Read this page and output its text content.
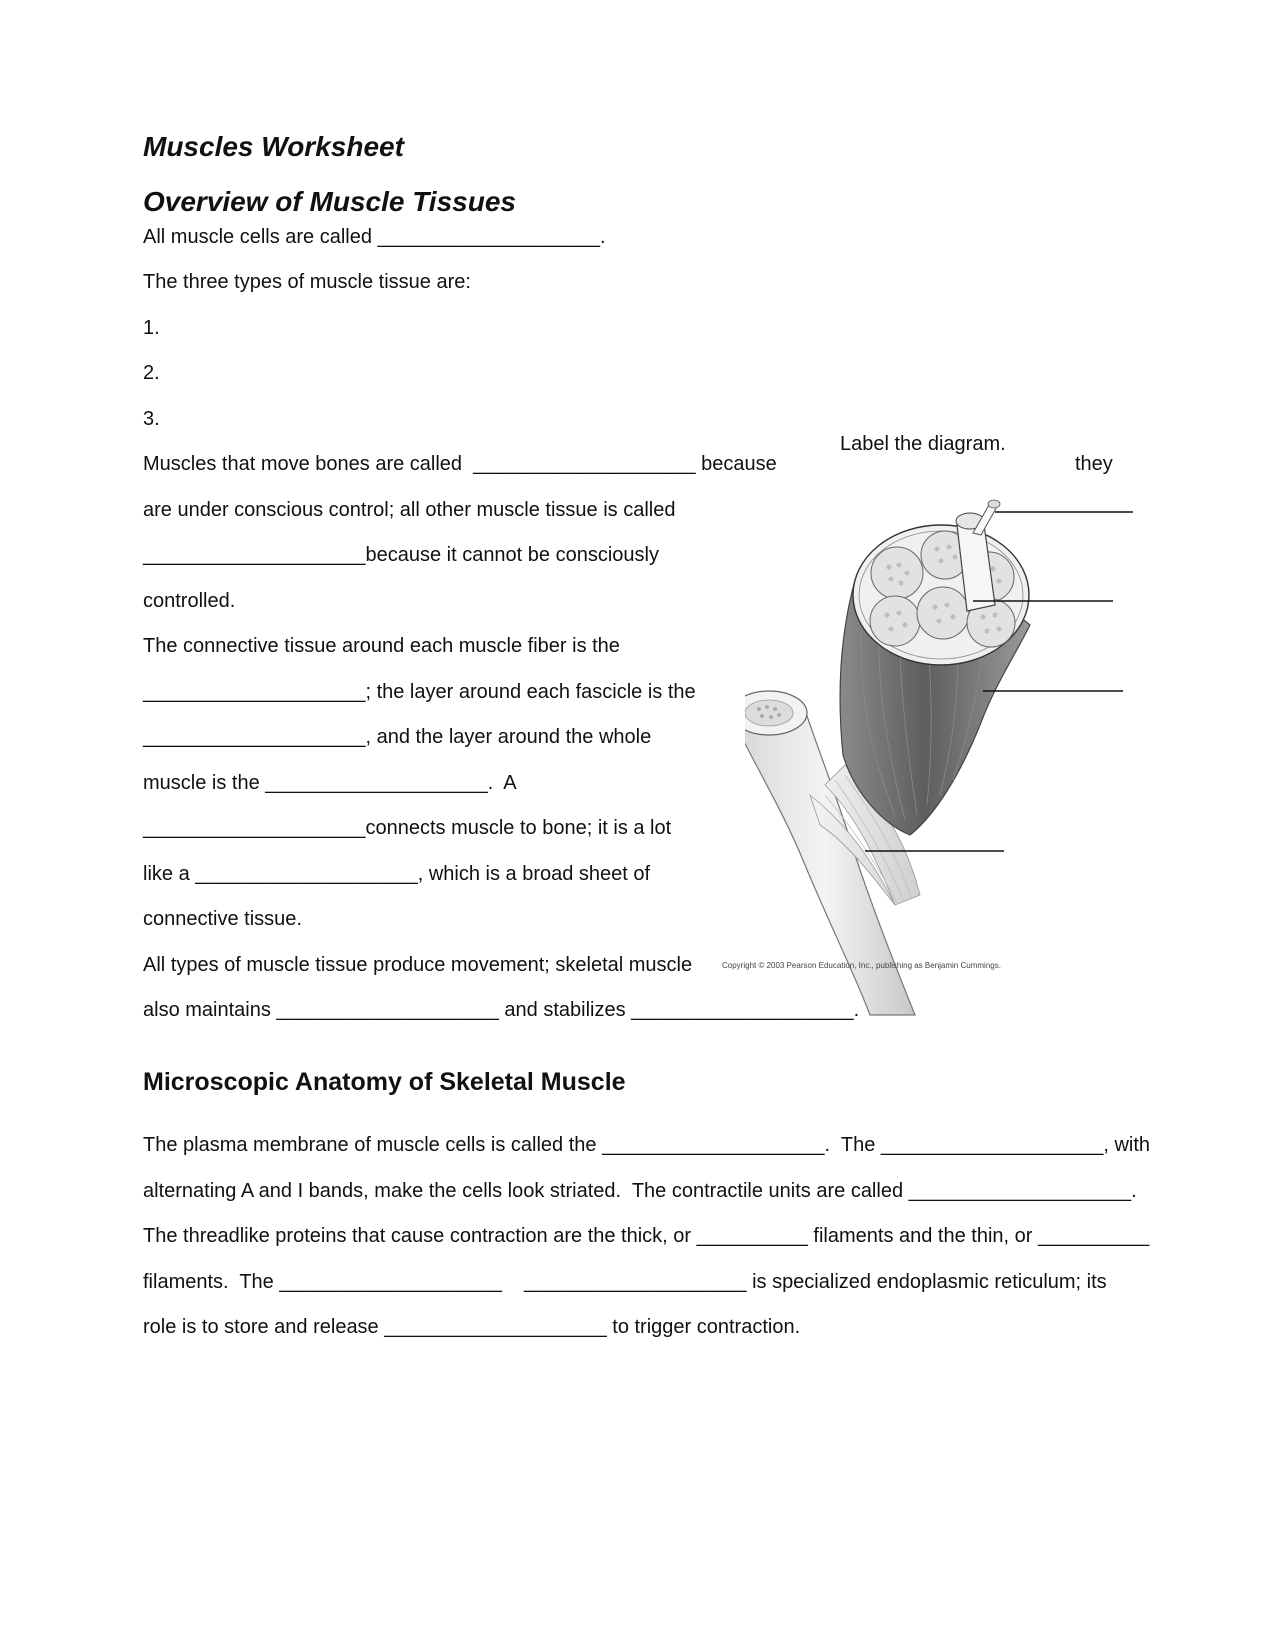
Muscles Worksheet
Overview of Muscle Tissues

All muscle cells are called ____________________.

The three types of muscle tissue are:

1.

2.

3.

Label the diagram.

Muscles that move bones are called  ____________________ because	they

are under conscious control; all other muscle tissue is called

____________________because it cannot be consciously

controlled.

The connective tissue around each muscle fiber is the

____________________; the layer around each fascicle is the

____________________, and the layer around the whole

muscle is the ____________________.  A

____________________connects muscle to bone; it is a lot

like a ____________________, which is a broad sheet of

connective tissue.

All types of muscle tissue produce movement; skeletal muscle

also maintains ____________________ and stabilizes ____________________.

Copyright © 2003 Pearson Education, Inc., publishing as Benjamin Cummings.

Microscopic Anatomy of Skeletal Muscle

The plasma membrane of muscle cells is called the ____________________.  The ____________________, with

alternating A and I bands, make the cells look striated.  The contractile units are called ____________________.

The threadlike proteins that cause contraction are the thick, or __________ filaments and the thin, or __________

filaments.  The ____________________    ____________________ is specialized endoplasmic reticulum; its

role is to store and release ____________________ to trigger contraction.
